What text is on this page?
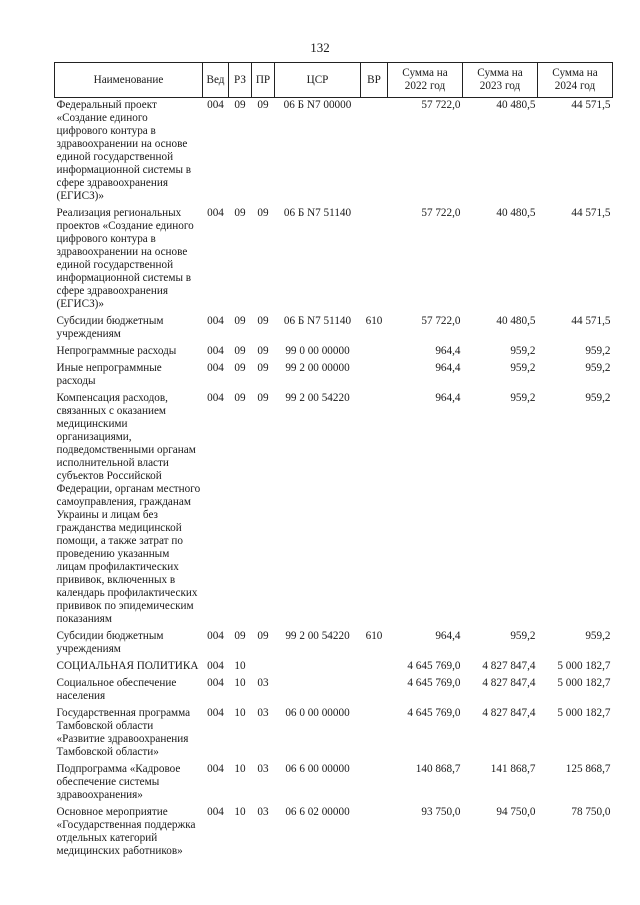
132
Наименование	Вед	РЗ	ПР	ЦСР	ВР	Сумма на 2022 год	Сумма на 2023 год	Сумма на 2024 год
Федеральный проект «Создание единого цифрового контура в здравоохранении на основе единой государственной информационной системы в сфере здравоохранения (ЕГИСЗ)»	004	09	09	06 Б N7 00000		57 722,0	40 480,5	44 571,5
Реализация региональных проектов «Создание единого цифрового контура в здравоохранении на основе единой государственной информационной системы в сфере здравоохранения (ЕГИСЗ)»	004	09	09	06 Б N7 51140		57 722,0	40 480,5	44 571,5
Субсидии бюджетным учреждениям	004	09	09	06 Б N7 51140	610	57 722,0	40 480,5	44 571,5
Непрограммные расходы	004	09	09	99 0 00 00000		964,4	959,2	959,2
Иные непрограммные расходы	004	09	09	99 2 00 00000		964,4	959,2	959,2
Компенсация расходов, связанных с оказанием медицинскими организациями, подведомственными органам исполнительной власти субъектов Российской Федерации, органам местного самоуправления, гражданам Украины и лицам без гражданства медицинской помощи, а также затрат по проведению указанным лицам профилактических прививок, включенных в календарь профилактических прививок по эпидемическим показаниям	004	09	09	99 2 00 54220		964,4	959,2	959,2
Субсидии бюджетным учреждениям	004	09	09	99 2 00 54220	610	964,4	959,2	959,2
СОЦИАЛЬНАЯ ПОЛИТИКА	004	10				4 645 769,0	4 827 847,4	5 000 182,7
Социальное обеспечение населения	004	10	03			4 645 769,0	4 827 847,4	5 000 182,7
Государственная программа Тамбовской области «Развитие здравоохранения Тамбовской области»	004	10	03	06 0 00 00000		4 645 769,0	4 827 847,4	5 000 182,7
Подпрограмма «Кадровое обеспечение системы здравоохранения»	004	10	03	06 6 00 00000		140 868,7	141 868,7	125 868,7
Основное мероприятие «Государственная поддержка отдельных категорий медицинских работников»	004	10	03	06 6 02 00000		93 750,0	94 750,0	78 750,0
